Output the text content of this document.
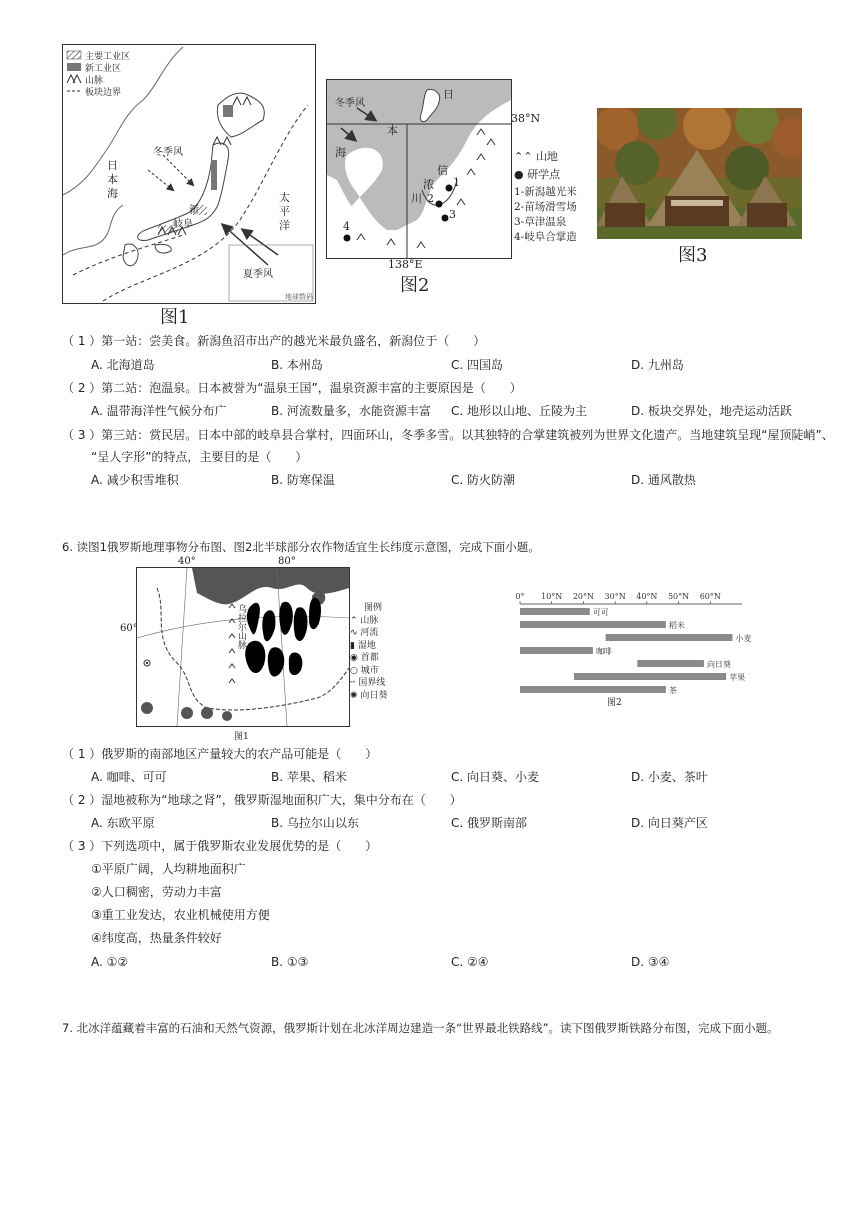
主要工业区
新工业区
山脉
板块边界
日
本
海	太
平
洋
冬季风
夏季风
新
岐阜
地球数码
图1
冬季风
海
日
本
信
浓
川
1
2
3
4
38°N
138°E
⌃⌃ 山地
● 研学点
1-新潟越光米
2-苗场滑雪场
3-草津温泉
4-岐阜合掌造
图2
图3
（ 1 ）第一站：尝美食。新潟鱼沼市出产的越光米最负盛名，新潟位于（　　）
A. 北海道岛	B. 本州岛	C. 四国岛	D. 九州岛
（ 2 ）第二站：泡温泉。日本被誉为“温泉王国”，温泉资源丰富的主要原因是（　　）
A. 温带海洋性气候分布广	B. 河流数量多，水能资源丰富 C. 地形以山地、丘陵为主	D. 板块交界处，地壳运动活跃
（ 3 ）第三站：赏民居。日本中部的岐阜县合掌村，四面环山，冬季多雪。以其独特的合掌建筑被列为世界文化遗产。当地建筑呈现“屋顶陡峭”、
“呈人字形”的特点，主要目的是（　　）
A. 减少积雪堆积	B. 防寒保温	C. 防火防潮	D. 通风散热
6. 读图1俄罗斯地理事物分布图、图2北半球部分农作物适宜生长纬度示意图，完成下面小题。
乌拉尔山脉
40°	80°
60°
图例
⌃ 山脉
∿ 河流
▮ 湿地
◉ 首都
○ 城市
╌ 国界线
✺ 向日葵
图1
0° 10°N 20°N 30°N 40°N 50°N 60°N
可可
稻米
小麦
咖啡
向日葵
苹果
茶
图2
（ 1 ）俄罗斯的南部地区产量较大的农产品可能是（　　）
A. 咖啡、可可	B. 苹果、稻米	C. 向日葵、小麦	D. 小麦、茶叶
（ 2 ）湿地被称为“地球之肾”，俄罗斯湿地面积广大，集中分布在（　　）
A. 东欧平原	B. 乌拉尔山以东	C. 俄罗斯南部	D. 向日葵产区
（ 3 ）下列选项中，属于俄罗斯农业发展优势的是（　　）
①平原广阔，人均耕地面积广
②人口稠密，劳动力丰富
③重工业发达，农业机械使用方便
④纬度高，热量条件较好
A. ①②	B. ①③	C. ②④	D. ③④
7. 北冰洋蕴藏着丰富的石油和天然气资源，俄罗斯计划在北冰洋周边建造一条“世界最北铁路线”。读下图俄罗斯铁路分布图，完成下面小题。
